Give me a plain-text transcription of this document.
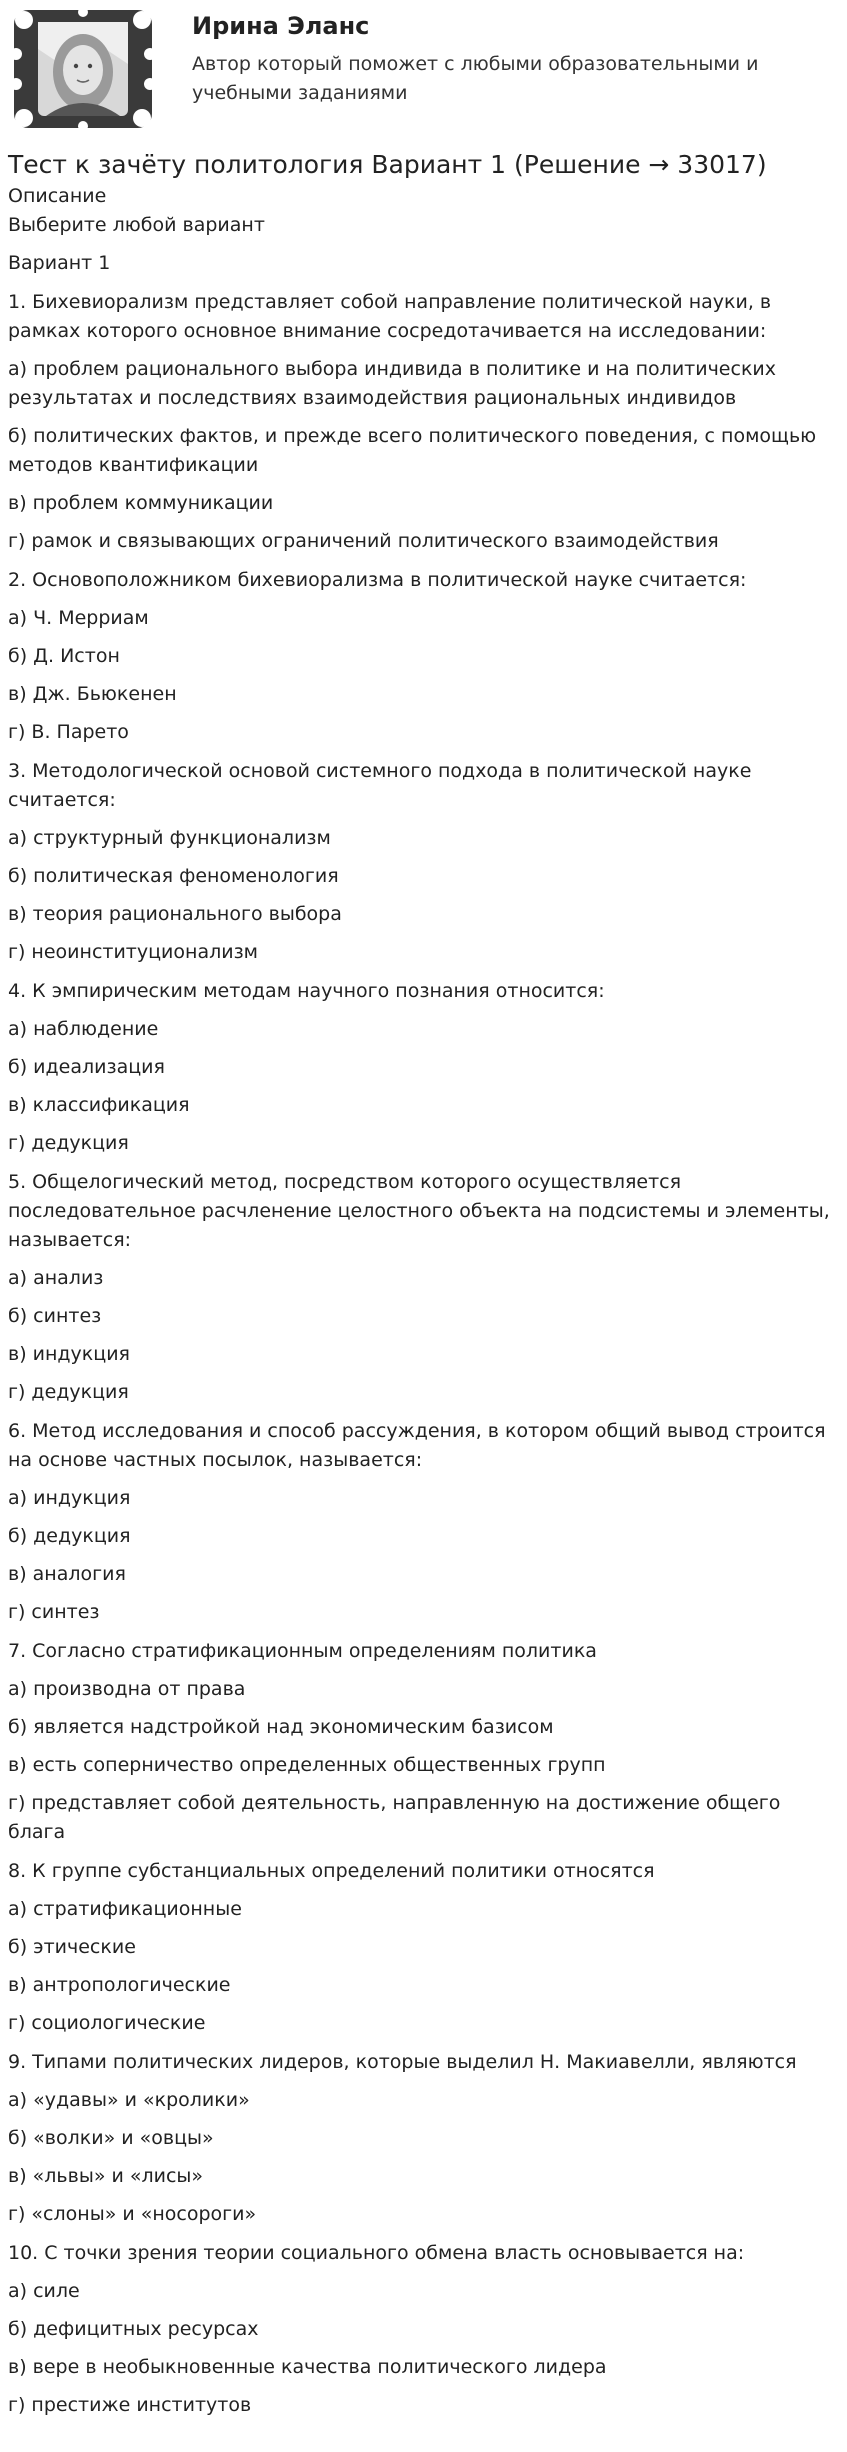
Ирина Эланс

Автор который поможет с любыми образовательными и учебными заданиями

Тест к зачёту политология Вариант 1 (Решение → 33017)

Описание

Выберите любой вариант

Вариант 1

1. Бихевиорализм представляет собой направление политической науки, в рамках которого основное внимание сосредотачивается на исследовании:

а) проблем рационального выбора индивида в политике и на политических результатах и последствиях взаимодействия рациональных индивидов

б) политических фактов, и прежде всего политического поведения, с помощью методов квантификации

в) проблем коммуникации

г) рамок и связывающих ограничений политического взаимодействия

2. Основоположником бихевиорализма в политической науке считается:

а) Ч. Мерриам

б) Д. Истон

в) Дж. Бьюкенен

г) В. Парето

3. Методологической основой системного подхода в политической науке считается:

а) структурный функционализм

б) политическая феноменология

в) теория рационального выбора

г) неоинституционализм

4. К эмпирическим методам научного познания относится:

а) наблюдение

б) идеализация

в) классификация

г) дедукция

5. Общелогический метод, посредством которого осуществляется последовательное расчленение целостного объекта на подсистемы и элементы, называется:

а) анализ

б) синтез

в) индукция

г) дедукция

6. Метод исследования и способ рассуждения, в котором общий вывод строится на основе частных посылок, называется:

а) индукция

б) дедукция

в) аналогия

г) синтез

7. Согласно стратификационным определениям политика

а) производна от права

б) является надстройкой над экономическим базисом

в) есть соперничество определенных общественных групп

г) представляет собой деятельность, направленную на достижение общего блага

8. К группе субстанциальных определений политики относятся

а) стратификационные

б) этические

в) антропологические

г) социологические

9. Типами политических лидеров, которые выделил Н. Макиавелли, являются

а) «удавы» и «кролики»

б) «волки» и «овцы»

в) «львы» и «лисы»

г) «слоны» и «носороги»

10. С точки зрения теории социального обмена власть основывается на:

а) силе

б) дефицитных ресурсах

в) вере в необыкновенные качества политического лидера

г) престиже институтов
